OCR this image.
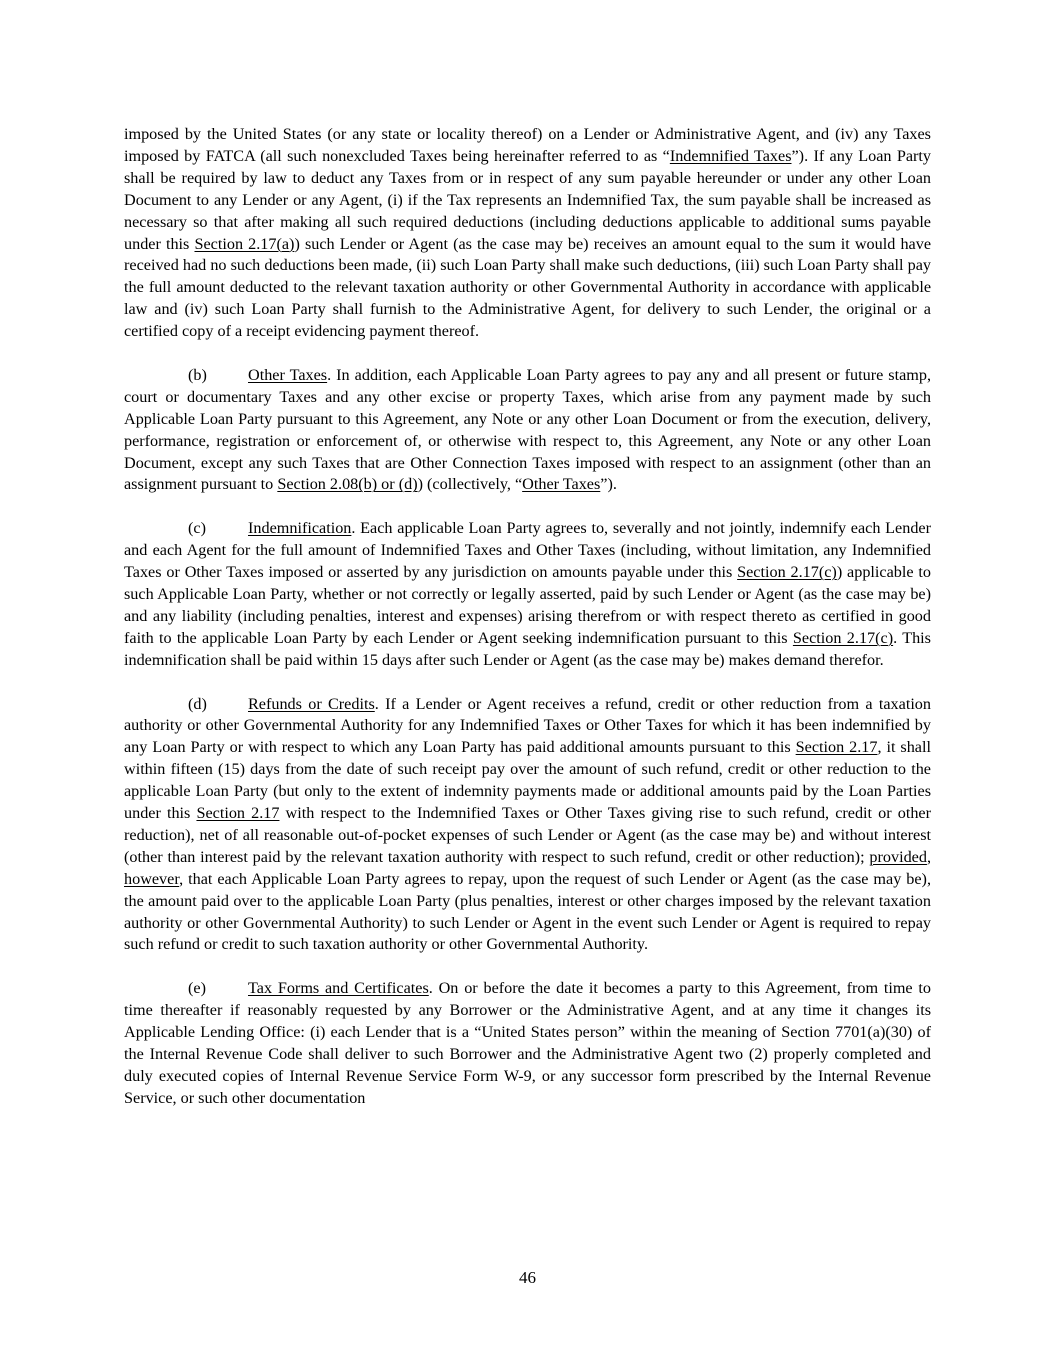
imposed by the United States (or any state or locality thereof) on a Lender or Administrative Agent, and (iv) any Taxes imposed by FATCA (all such nonexcluded Taxes being hereinafter referred to as “Indemnified Taxes”). If any Loan Party shall be required by law to deduct any Taxes from or in respect of any sum payable hereunder or under any other Loan Document to any Lender or any Agent, (i) if the Tax represents an Indemnified Tax, the sum payable shall be increased as necessary so that after making all such required deductions (including deductions applicable to additional sums payable under this Section 2.17(a)) such Lender or Agent (as the case may be) receives an amount equal to the sum it would have received had no such deductions been made, (ii) such Loan Party shall make such deductions, (iii) such Loan Party shall pay the full amount deducted to the relevant taxation authority or other Governmental Authority in accordance with applicable law and (iv) such Loan Party shall furnish to the Administrative Agent, for delivery to such Lender, the original or a certified copy of a receipt evidencing payment thereof.

(b)	Other Taxes. In addition, each Applicable Loan Party agrees to pay any and all present or future stamp, court or documentary Taxes and any other excise or property Taxes, which arise from any payment made by such Applicable Loan Party pursuant to this Agreement, any Note or any other Loan Document or from the execution, delivery, performance, registration or enforcement of, or otherwise with respect to, this Agreement, any Note or any other Loan Document, except any such Taxes that are Other Connection Taxes imposed with respect to an assignment (other than an assignment pursuant to Section 2.08(b) or (d)) (collectively, “Other Taxes”).

(c)	Indemnification. Each applicable Loan Party agrees to, severally and not jointly, indemnify each Lender and each Agent for the full amount of Indemnified Taxes and Other Taxes (including, without limitation, any Indemnified Taxes or Other Taxes imposed or asserted by any jurisdiction on amounts payable under this Section 2.17(c)) applicable to such Applicable Loan Party, whether or not correctly or legally asserted, paid by such Lender or Agent (as the case may be) and any liability (including penalties, interest and expenses) arising therefrom or with respect thereto as certified in good faith to the applicable Loan Party by each Lender or Agent seeking indemnification pursuant to this Section 2.17(c). This indemnification shall be paid within 15 days after such Lender or Agent (as the case may be) makes demand therefor.

(d)	Refunds or Credits. If a Lender or Agent receives a refund, credit or other reduction from a taxation authority or other Governmental Authority for any Indemnified Taxes or Other Taxes for which it has been indemnified by any Loan Party or with respect to which any Loan Party has paid additional amounts pursuant to this Section 2.17, it shall within fifteen (15) days from the date of such receipt pay over the amount of such refund, credit or other reduction to the applicable Loan Party (but only to the extent of indemnity payments made or additional amounts paid by the Loan Parties under this Section 2.17 with respect to the Indemnified Taxes or Other Taxes giving rise to such refund, credit or other reduction), net of all reasonable out-of-pocket expenses of such Lender or Agent (as the case may be) and without interest (other than interest paid by the relevant taxation authority with respect to such refund, credit or other reduction); provided, however, that each Applicable Loan Party agrees to repay, upon the request of such Lender or Agent (as the case may be), the amount paid over to the applicable Loan Party (plus penalties, interest or other charges imposed by the relevant taxation authority or other Governmental Authority) to such Lender or Agent in the event such Lender or Agent is required to repay such refund or credit to such taxation authority or other Governmental Authority.

(e)	Tax Forms and Certificates. On or before the date it becomes a party to this Agreement, from time to time thereafter if reasonably requested by any Borrower or the Administrative Agent, and at any time it changes its Applicable Lending Office: (i) each Lender that is a “United States person” within the meaning of Section 7701(a)(30) of the Internal Revenue Code shall deliver to such Borrower and the Administrative Agent two (2) properly completed and duly executed copies of Internal Revenue Service Form W-9, or any successor form prescribed by the Internal Revenue Service, or such other documentation

46
